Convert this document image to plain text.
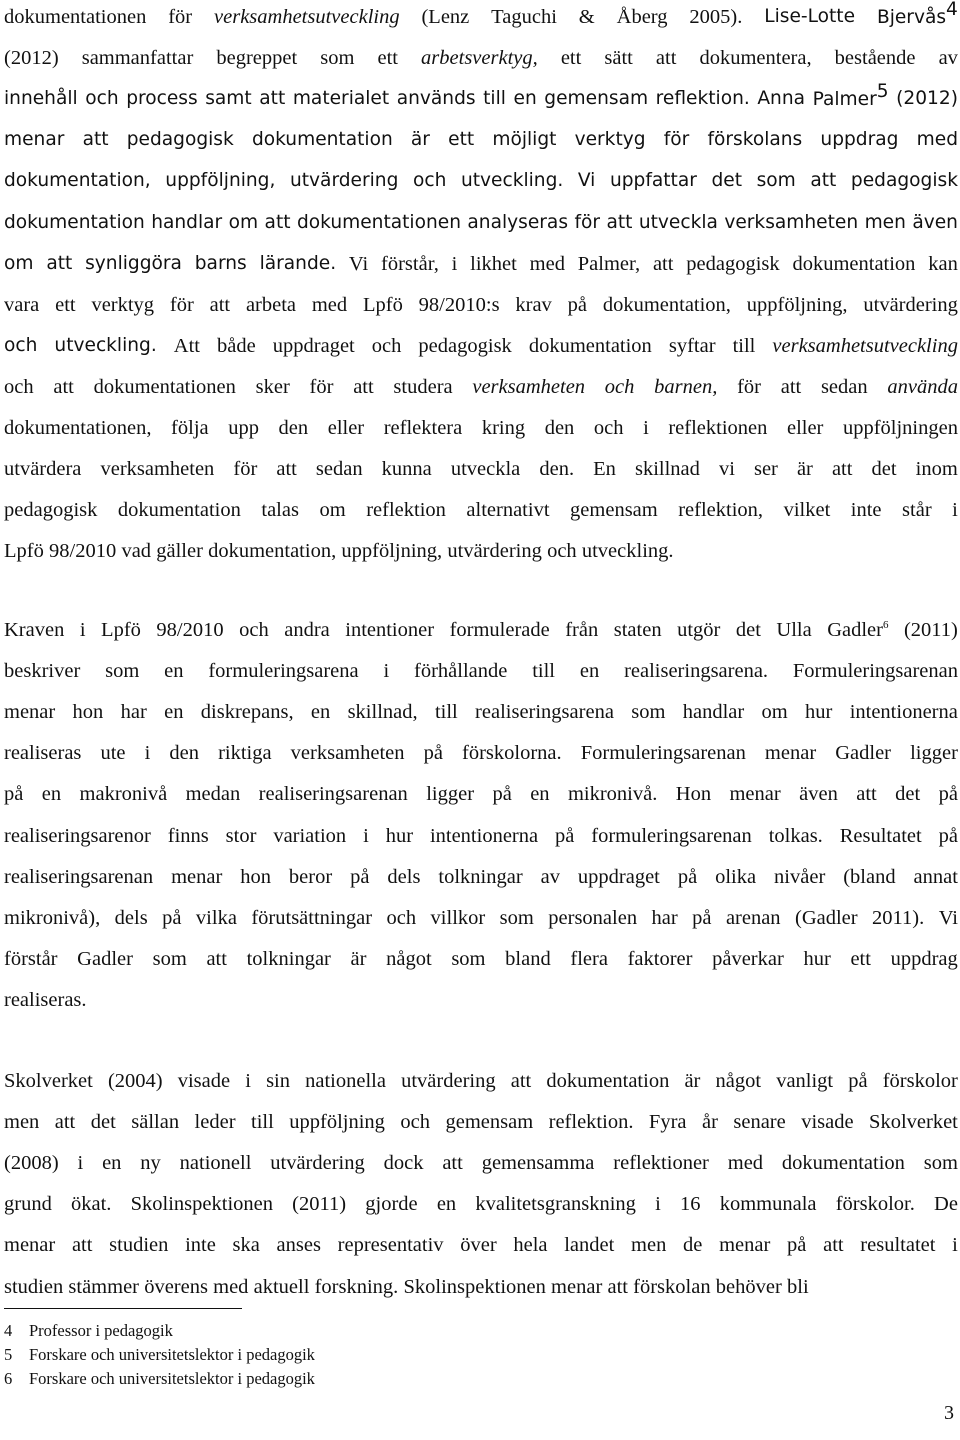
dokumentationen för verksamhetsutveckling (Lenz Taguchi & Åberg 2005). Lise-Lotte Bjervås$^4$
(2012) sammanfattar begreppet som ett arbetsverktyg, ett sätt att dokumentera, bestående av
innehåll och process samt att materialet används till en gemensam reflektion. Anna Palmer$^5$ (2012)
menar att pedagogisk dokumentation är ett möjligt verktyg för förskolans uppdrag med
dokumentation, uppföljning, utvärdering och utveckling. Vi uppfattar det som att pedagogisk
dokumentation handlar om att dokumentationen analyseras för att utveckla verksamheten men även
om att synliggöra barns lärande. Vi förstår, i likhet med Palmer, att pedagogisk dokumentation kan
vara ett verktyg för att arbeta med Lpfö 98/2010:s krav på dokumentation, uppföljning, utvärdering
och utveckling. Att både uppdraget och pedagogisk dokumentation syftar till verksamhetsutveckling
och att dokumentationen sker för att studera verksamheten och barnen, för att sedan använda
dokumentationen, följa upp den eller reflektera kring den och i reflektionen eller uppföljningen
utvärdera verksamheten för att sedan kunna utveckla den. En skillnad vi ser är att det inom
pedagogisk dokumentation talas om reflektion alternativt gemensam reflektion, vilket inte står i
Lpfö 98/2010 vad gäller dokumentation, uppföljning, utvärdering och utveckling.
Kraven i Lpfö 98/2010 och andra intentioner formulerade från staten utgör det Ulla Gadler$^6$ (2011)
beskriver som en formuleringsarena i förhållande till en realiseringsarena. Formuleringsarenan
menar hon har en diskrepans, en skillnad, till realiseringsarena som handlar om hur intentionerna
realiseras ute i den riktiga verksamheten på förskolorna. Formuleringsarenan menar Gadler ligger
på en makronivå medan realiseringsarenan ligger på en mikronivå. Hon menar även att det på
realiseringsarenor finns stor variation i hur intentionerna på formuleringsarenan tolkas. Resultatet på
realiseringsarenan menar hon beror på dels tolkningar av uppdraget på olika nivåer (bland annat
mikronivå), dels på vilka förutsättningar och villkor som personalen har på arenan (Gadler 2011). Vi
förstår Gadler som att tolkningar är något som bland flera faktorer påverkar hur ett uppdrag
realiseras.
Skolverket (2004) visade i sin nationella utvärdering att dokumentation är något vanligt på förskolor
men att det sällan leder till uppföljning och gemensam reflektion. Fyra år senare visade Skolverket
(2008) i en ny nationell utvärdering dock att gemensamma reflektioner med dokumentation som
grund ökat. Skolinspektionen (2011) gjorde en kvalitetsgranskning i 16 kommunala förskolor. De
menar att studien inte ska anses representativ över hela landet men de menar på att resultatet i
studien stämmer överens med aktuell forskning. Skolinspektionen menar att förskolan behöver bli
4 Professor i pedagogik
5 Forskare och universitetslektor i pedagogik
6 Forskare och universitetslektor i pedagogik
3
